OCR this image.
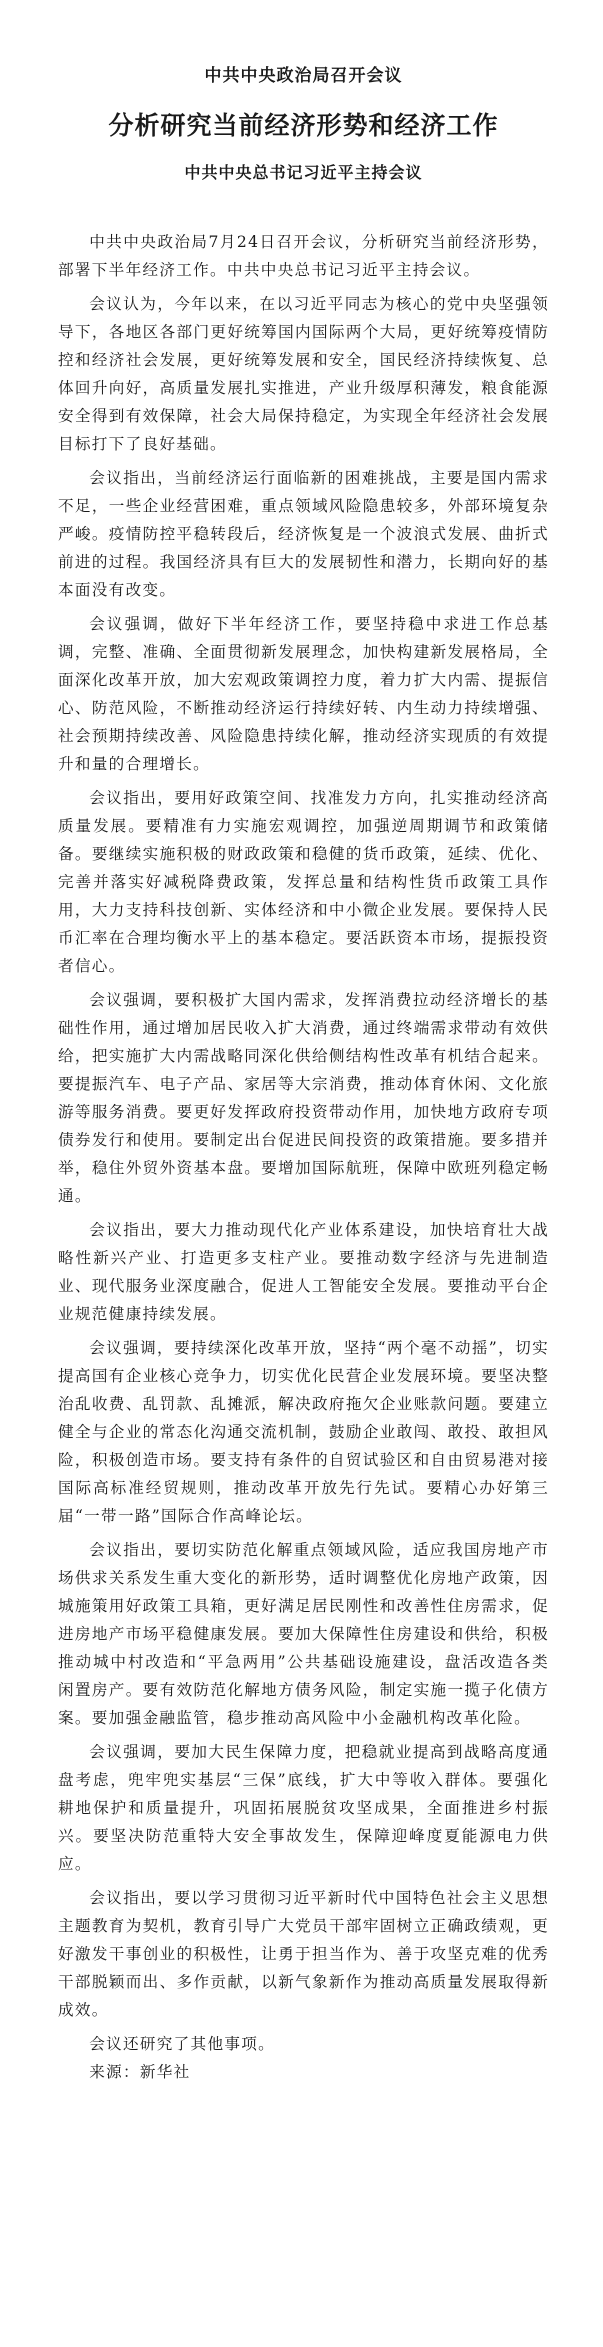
中共中央政治局召开会议
分析研究当前经济形势和经济工作
中共中央总书记习近平主持会议

中共中央政治局7月24日召开会议，分析研究当前经济形势，部署下半年经济工作。中共中央总书记习近平主持会议。

会议认为，今年以来，在以习近平同志为核心的党中央坚强领导下，各地区各部门更好统筹国内国际两个大局，更好统筹疫情防控和经济社会发展，更好统筹发展和安全，国民经济持续恢复、总体回升向好，高质量发展扎实推进，产业升级厚积薄发，粮食能源安全得到有效保障，社会大局保持稳定，为实现全年经济社会发展目标打下了良好基础。

会议指出，当前经济运行面临新的困难挑战，主要是国内需求不足，一些企业经营困难，重点领域风险隐患较多，外部环境复杂严峻。疫情防控平稳转段后，经济恢复是一个波浪式发展、曲折式前进的过程。我国经济具有巨大的发展韧性和潜力，长期向好的基本面没有改变。

会议强调，做好下半年经济工作，要坚持稳中求进工作总基调，完整、准确、全面贯彻新发展理念，加快构建新发展格局，全面深化改革开放，加大宏观政策调控力度，着力扩大内需、提振信心、防范风险，不断推动经济运行持续好转、内生动力持续增强、社会预期持续改善、风险隐患持续化解，推动经济实现质的有效提升和量的合理增长。

会议指出，要用好政策空间、找准发力方向，扎实推动经济高质量发展。要精准有力实施宏观调控，加强逆周期调节和政策储备。要继续实施积极的财政政策和稳健的货币政策，延续、优化、完善并落实好减税降费政策，发挥总量和结构性货币政策工具作用，大力支持科技创新、实体经济和中小微企业发展。要保持人民币汇率在合理均衡水平上的基本稳定。要活跃资本市场，提振投资者信心。

会议强调，要积极扩大国内需求，发挥消费拉动经济增长的基础性作用，通过增加居民收入扩大消费，通过终端需求带动有效供给，把实施扩大内需战略同深化供给侧结构性改革有机结合起来。要提振汽车、电子产品、家居等大宗消费，推动体育休闲、文化旅游等服务消费。要更好发挥政府投资带动作用，加快地方政府专项债券发行和使用。要制定出台促进民间投资的政策措施。要多措并举，稳住外贸外资基本盘。要增加国际航班，保障中欧班列稳定畅通。

会议指出，要大力推动现代化产业体系建设，加快培育壮大战略性新兴产业、打造更多支柱产业。要推动数字经济与先进制造业、现代服务业深度融合，促进人工智能安全发展。要推动平台企业规范健康持续发展。

会议强调，要持续深化改革开放，坚持“两个毫不动摇”，切实提高国有企业核心竞争力，切实优化民营企业发展环境。要坚决整治乱收费、乱罚款、乱摊派，解决政府拖欠企业账款问题。要建立健全与企业的常态化沟通交流机制，鼓励企业敢闯、敢投、敢担风险，积极创造市场。要支持有条件的自贸试验区和自由贸易港对接国际高标准经贸规则，推动改革开放先行先试。要精心办好第三届“一带一路”国际合作高峰论坛。

会议指出，要切实防范化解重点领域风险，适应我国房地产市场供求关系发生重大变化的新形势，适时调整优化房地产政策，因城施策用好政策工具箱，更好满足居民刚性和改善性住房需求，促进房地产市场平稳健康发展。要加大保障性住房建设和供给，积极推动城中村改造和“平急两用”公共基础设施建设，盘活改造各类闲置房产。要有效防范化解地方债务风险，制定实施一揽子化债方案。要加强金融监管，稳步推动高风险中小金融机构改革化险。

会议强调，要加大民生保障力度，把稳就业提高到战略高度通盘考虑，兜牢兜实基层“三保”底线，扩大中等收入群体。要强化耕地保护和质量提升，巩固拓展脱贫攻坚成果，全面推进乡村振兴。要坚决防范重特大安全事故发生，保障迎峰度夏能源电力供应。

会议指出，要以学习贯彻习近平新时代中国特色社会主义思想主题教育为契机，教育引导广大党员干部牢固树立正确政绩观，更好激发干事创业的积极性，让勇于担当作为、善于攻坚克难的优秀干部脱颖而出、多作贡献，以新气象新作为推动高质量发展取得新成效。

会议还研究了其他事项。

来源：新华社
